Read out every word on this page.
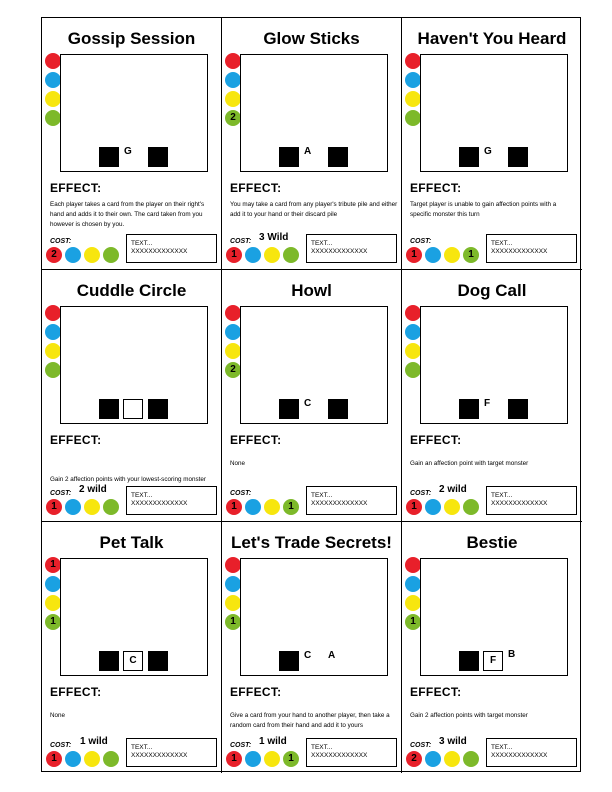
Gossip Session
G
EFFECT:
Each player takes a card from the player on their right's hand and adds it to their own. The card taken from you however is chosen by you.
COST:
2
TEXT...
XXXXXXXXXXXXX
Glow Sticks
2
A
EFFECT:
You may take a card from any player's tribute pile and either add it to your hand or their discard pile
COST: 3 Wild
1
TEXT...
XXXXXXXXXXXXX
Haven't You Heard
G
EFFECT:
Target player is unable to gain affection points with a specific monster this turn
COST:
1	1
TEXT...
XXXXXXXXXXXXX
Cuddle Circle
EFFECT:
Gain 2 affection points with your lowest-scoring monster
COST: 2 wild
1
TEXT...
XXXXXXXXXXXXX
Howl
2
C
EFFECT:
None
COST:
1	1
TEXT...
XXXXXXXXXXXXX
Dog Call
F
EFFECT:
Gain an affection point with target monster
COST: 2 wild
1
TEXT...
XXXXXXXXXXXXX
Pet Talk
1
1
C
EFFECT:
None
COST: 1 wild
1
TEXT...
XXXXXXXXXXXXX
Let's Trade Secrets!
1
C A
EFFECT:
Give a card from your hand to another player, then take a random card from their hand and add it to yours
COST: 1 wild
1	1
TEXT...
XXXXXXXXXXXXX
Bestie
1
F
B
EFFECT:
Gain 2 affection points with target monster
COST: 3 wild
2
TEXT...
XXXXXXXXXXXXX
